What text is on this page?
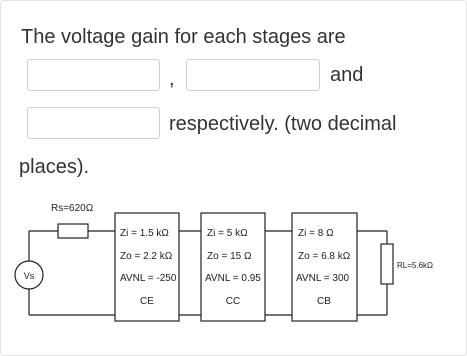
The voltage gain for each stages are
,	and
respectively. (two decimal
places).
Rs=620Ω
Vs
RL=5.6kΩ
Zi = 1.5 kΩ
Zo = 2.2 kΩ
AVNL = -250
CE
Zi = 5 kΩ
Zo = 15 Ω
AVNL = 0.95
CC
Zi = 8 Ω
Zo = 6.8 kΩ
AVNL = 300
CB
